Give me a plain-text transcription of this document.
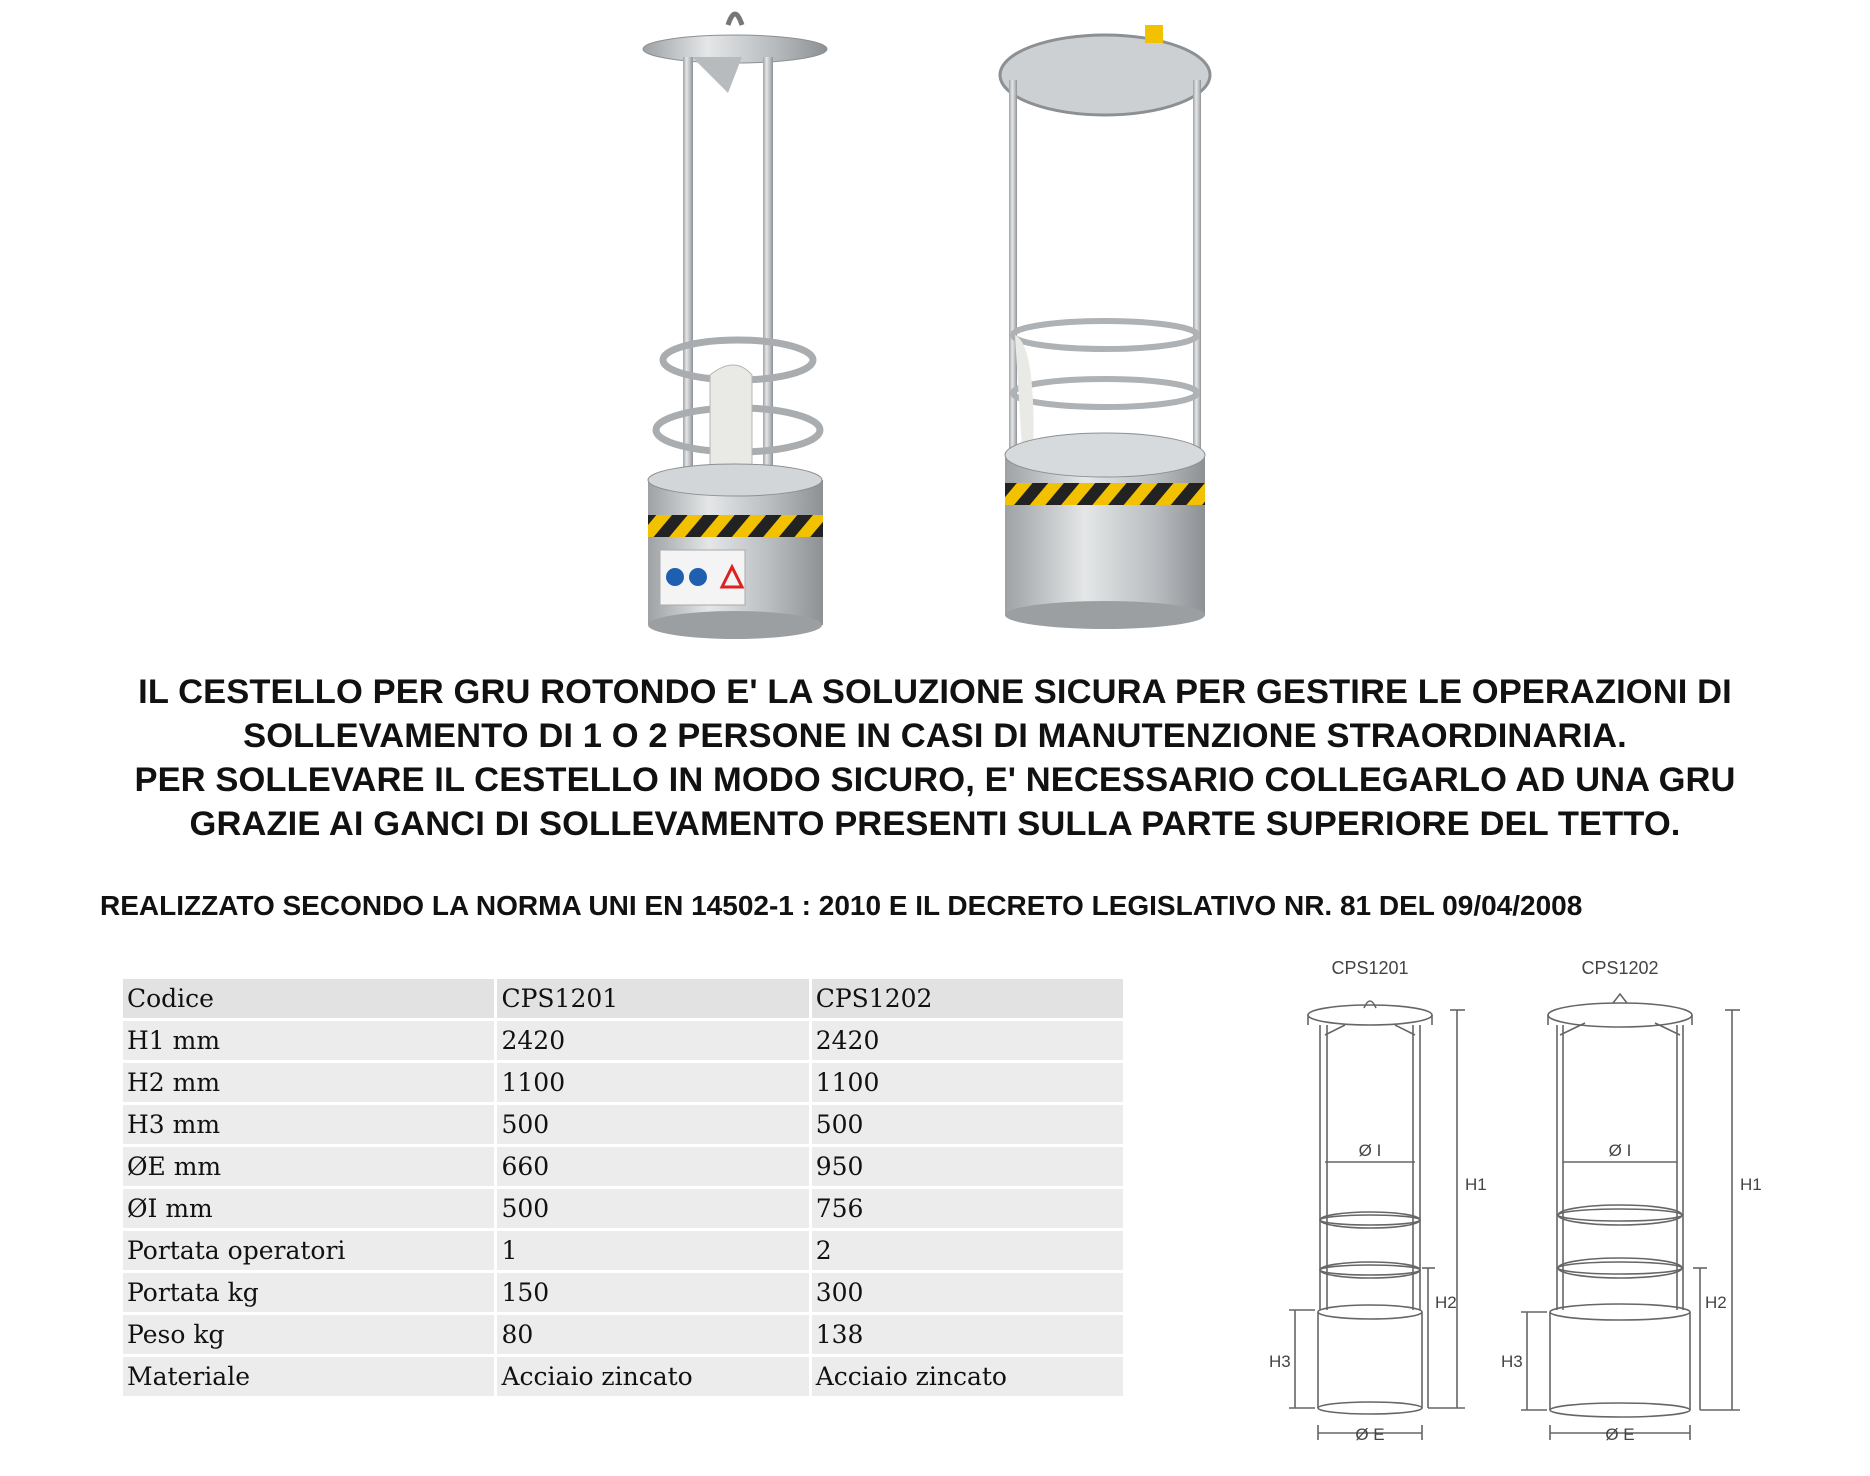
IL CESTELLO PER GRU ROTONDO E' LA SOLUZIONE SICURA PER GESTIRE LE OPERAZIONI DI
SOLLEVAMENTO DI 1 O 2 PERSONE IN CASI DI MANUTENZIONE STRAORDINARIA.
PER SOLLEVARE IL CESTELLO IN MODO SICURO, E' NECESSARIO COLLEGARLO AD UNA GRU
GRAZIE AI GANCI DI SOLLEVAMENTO PRESENTI SULLA PARTE SUPERIORE DEL TETTO.
REALIZZATO SECONDO LA NORMA UNI EN 14502-1 : 2010 E IL DECRETO LEGISLATIVO NR. 81 DEL 09/04/2008
Codice	CPS1201	CPS1202
H1 mm	2420	2420
H2 mm	1100	1100
H3 mm	500	500
ØE mm	660	950
ØI mm	500	756
Portata operatori	1	2
Portata kg	150	300
Peso kg	80	138
Materiale	Acciaio zincato	Acciaio zincato
CPS1201	CPS1202
H1
H2
H3
Ø I
Ø E
H1
H2
H3
Ø I
Ø E
